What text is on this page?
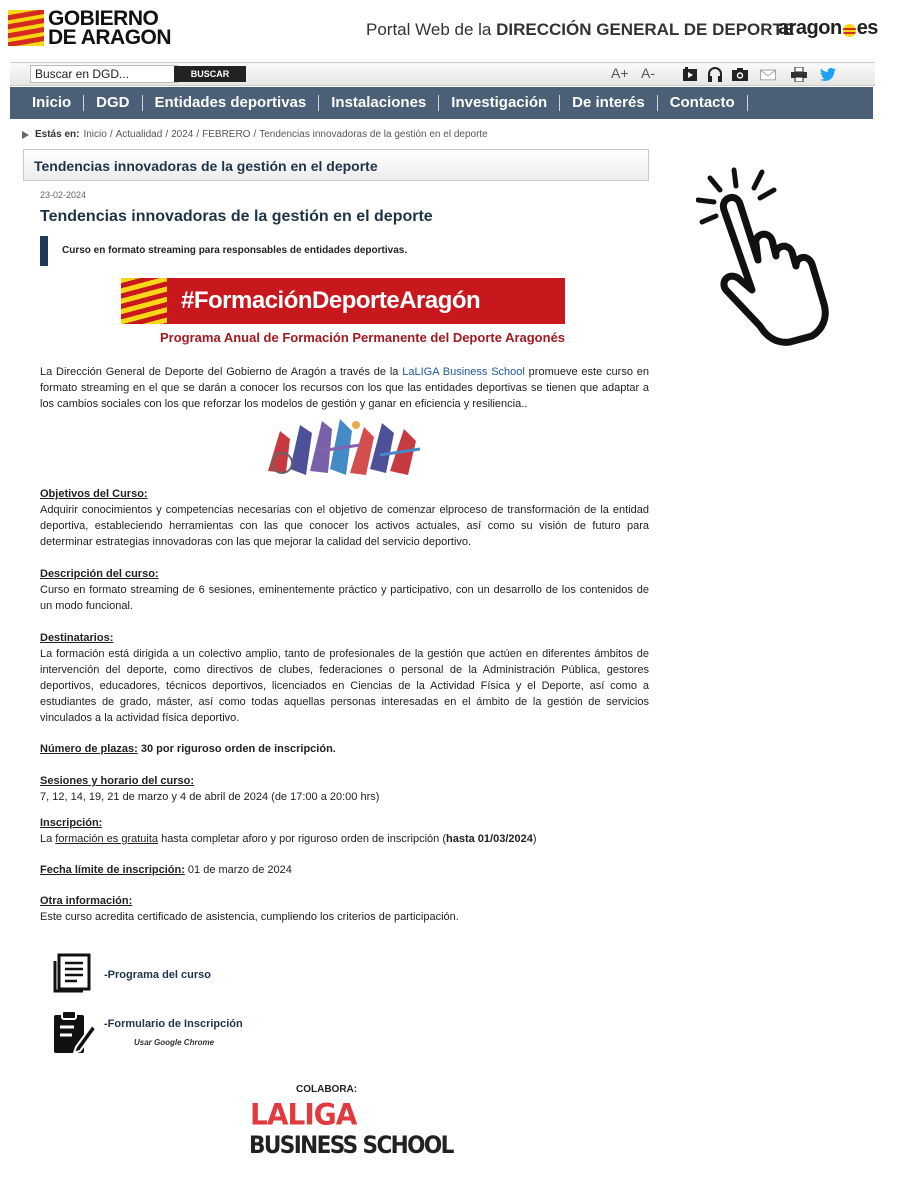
GOBIERNO
DE ARAGON	Portal Web de la DIRECCIÓN GENERAL DE DEPORTE
aragon es
Buscar en DGD...
BUSCAR	A+ A-
Inicio	DGD	Entidades deportivas	Instalaciones	Investigación	De interés	Contacto
Estás en: Inicio / Actualidad / 2024 / FEBRERO / Tendencias innovadoras de la gestión en el deporte
Tendencias innovadoras de la gestión en el deporte
23-02-2024
Tendencias innovadoras de la gestión en el deporte
Curso en formato streaming para responsables de entidades deportivas.
#FormaciónDeporteAragón
Programa Anual de Formación Permanente del Deporte Aragonés
La Dirección General de Deporte del Gobierno de Aragón a través de la LaLIGA Business School promueve este curso en formato streaming en el que se darán a conocer los recursos con los que las entidades deportivas se tienen que adaptar a los cambios sociales con los que reforzar los modelos de gestión y ganar en eficiencia y resiliencia..
Objetivos del Curso:
Adquirir conocimientos y competencias necesarias con el objetivo de comenzar elproceso de transformación de la entidad deportiva, estableciendo herramientas con las que conocer los activos actuales, así como su visión de futuro para determinar estrategias innovadoras con las que mejorar la calidad del servicio deportivo.
Descripción del curso:
Curso en formato streaming de 6 sesiones, eminentemente práctico y participativo, con un desarrollo de los contenidos de un modo funcional.
Destinatarios:
La formación está dirigida a un colectivo amplio, tanto de profesionales de la gestión que actúen en diferentes ámbitos de intervención del deporte, como directivos de clubes, federaciones o personal de la Administración Pública, gestores deportivos, educadores, técnicos deportivos, licenciados en Ciencias de la Actividad Física y el Deporte, así como a estudiantes de grado, máster, así como todas aquellas personas interesadas en el ámbito de la gestión de servicios vinculados a la actividad física deportivo.
Número de plazas: 30 por riguroso orden de inscripción.
Sesiones y horario del curso:
7, 12, 14, 19, 21 de marzo y 4 de abril de 2024 (de 17:00 a 20:00 hrs)
Inscripción:
La formación es gratuita hasta completar aforo y por riguroso orden de inscripción (hasta 01/03/2024)
Fecha límite de inscripción: 01 de marzo de 2024
Otra información:
Este curso acredita certificado de asistencia, cumpliendo los criterios de participación.
-Programa del curso
-Formulario de Inscripción
Usar Google Chrome
COLABORA:
LALIGA
BUSINESS SCHOOL
